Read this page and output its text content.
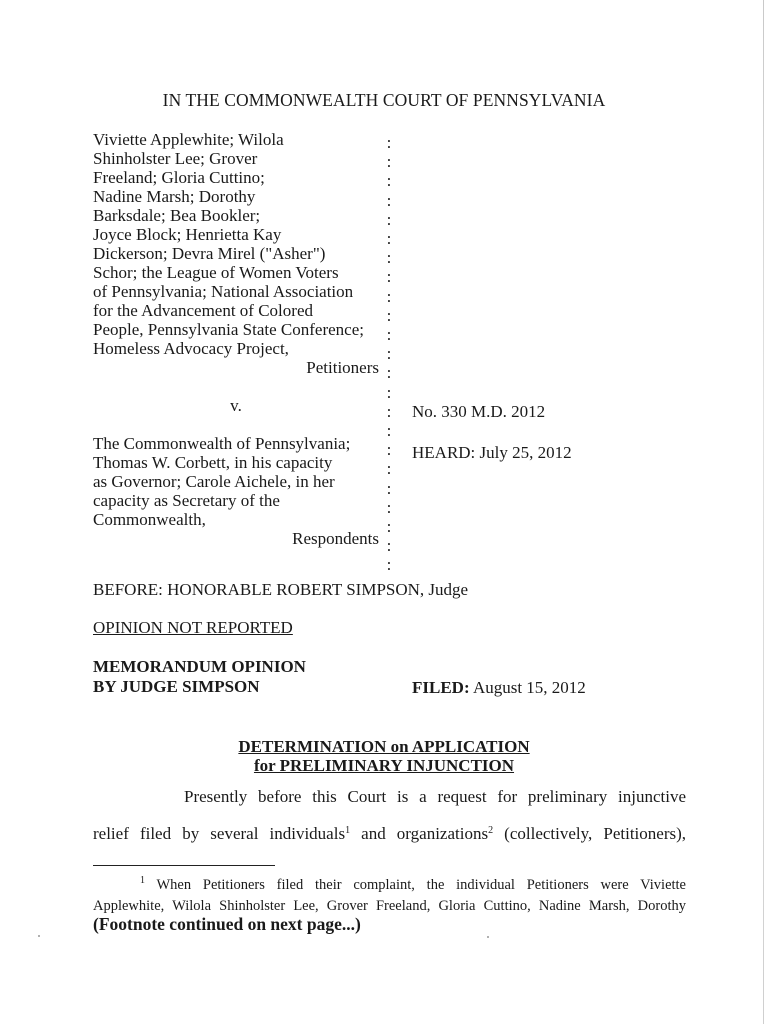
IN THE COMMONWEALTH COURT OF PENNSYLVANIA
Viviette Applewhite; Wilola
Shinholster Lee; Grover
Freeland; Gloria Cuttino;
Nadine Marsh; Dorothy
Barksdale; Bea Bookler;
Joyce Block; Henrietta Kay
Dickerson; Devra Mirel ("Asher")
Schor; the League of Women Voters
of Pennsylvania; National Association
for the Advancement of Colored
People, Pennsylvania State Conference;
Homeless Advocacy Project,
Petitioners
v.
The Commonwealth of Pennsylvania;
Thomas W. Corbett, in his capacity
as Governor; Carole Aichele, in her
capacity as Secretary of the
Commonwealth,
Respondents
:
:
:
:
:
:
:
:
:
:
:
:
:
:
:
:
:
:
:
:
:
:
:
No. 330 M.D. 2012
HEARD: July 25, 2012
BEFORE: HONORABLE ROBERT SIMPSON, Judge
OPINION NOT REPORTED
MEMORANDUM OPINION
BY JUDGE SIMPSON	FILED: August 15, 2012
DETERMINATION on APPLICATION
for PRELIMINARY INJUNCTION
Presently before this Court is a request for preliminary injunctive
relief filed by several individuals$^1$ and organizations$^2$ (collectively, Petitioners),
$^1$ When Petitioners filed their complaint, the individual Petitioners were Viviette
Applewhite, Wilola Shinholster Lee, Grover Freeland, Gloria Cuttino, Nadine Marsh, Dorothy
(Footnote continued on next page...)
